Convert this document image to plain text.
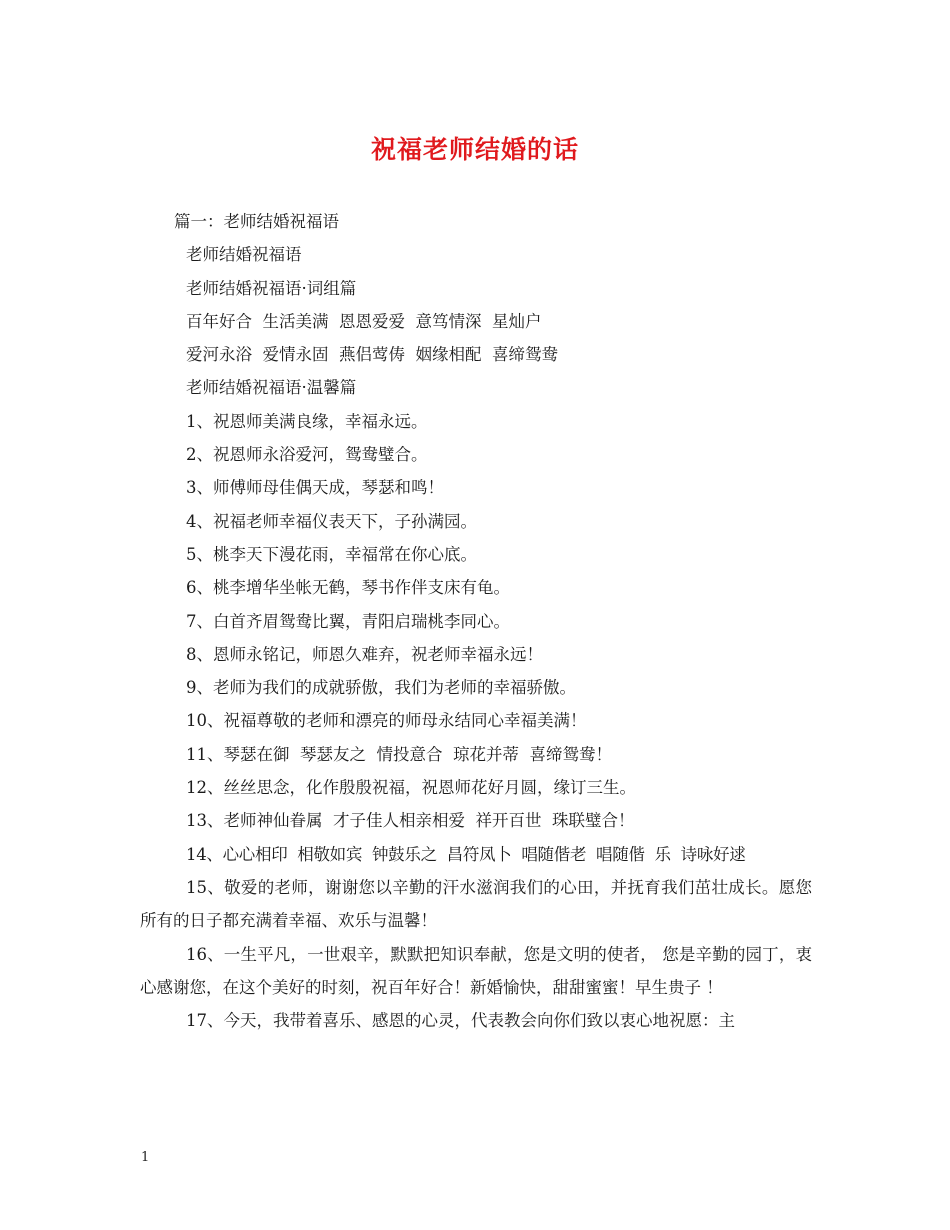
祝福老师结婚的话
篇一：老师结婚祝福语
老师结婚祝福语
老师结婚祝福语·词组篇
百年好合  生活美满  恩恩爱爱  意笃情深  星灿户
爱河永浴  爱情永固  燕侣莺俦  姻缘相配  喜缔鸳鸯
老师结婚祝福语·温馨篇
1、祝恩师美满良缘，幸福永远。
2、祝恩师永浴爱河，鸳鸯璧合。
3、师傅师母佳偶天成，琴瑟和鸣！
4、祝福老师幸福仪表天下，子孙满园。
5、桃李天下漫花雨，幸福常在你心底。
6、桃李增华坐帐无鹤，琴书作伴支床有龟。
7、白首齐眉鸳鸯比翼，青阳启瑞桃李同心。
8、恩师永铭记，师恩久难弃，祝老师幸福永远！
9、老师为我们的成就骄傲，我们为老师的幸福骄傲。
10、祝福尊敬的老师和漂亮的师母永结同心幸福美满！
11、琴瑟在御  琴瑟友之  情投意合  琼花并蒂  喜缔鸳鸯！
12、丝丝思念，化作殷殷祝福，祝恩师花好月圆，缘订三生。
13、老师神仙眷属  才子佳人相亲相爱  祥开百世  珠联璧合！
14、心心相印  相敬如宾  钟鼓乐之  昌符凤卜  唱随偕老  唱随偕  乐  诗咏好逑
15、敬爱的老师，谢谢您以辛勤的汗水滋润我们的心田，并抚育我们茁壮成长。愿您所有的日子都充满着幸福、欢乐与温馨！
16、一生平凡，一世艰辛，默默把知识奉献，您是文明的使者， 您是辛勤的园丁，衷心感谢您，在这个美好的时刻，祝百年好合！新婚愉快，甜甜蜜蜜！早生贵子 ！
17、今天，我带着喜乐、感恩的心灵，代表教会向你们致以衷心地祝愿：主
1
